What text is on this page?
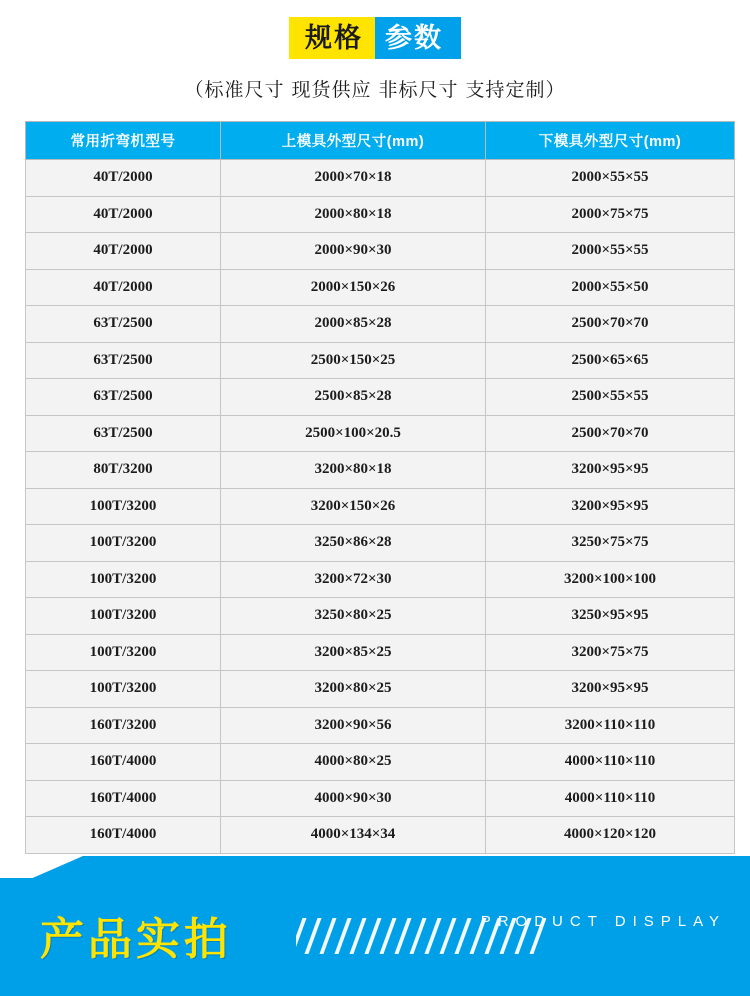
规格 参数
（标准尺寸 现货供应 非标尺寸 支持定制）
常用折弯机型号	上模具外型尺寸(mm)	下模具外型尺寸(mm)
40T/2000	2000×70×18	2000×55×55
40T/2000	2000×80×18	2000×75×75
40T/2000	2000×90×30	2000×55×55
40T/2000	2000×150×26	2000×55×50
63T/2500	2000×85×28	2500×70×70
63T/2500	2500×150×25	2500×65×65
63T/2500	2500×85×28	2500×55×55
63T/2500	2500×100×20.5	2500×70×70
80T/3200	3200×80×18	3200×95×95
100T/3200	3200×150×26	3200×95×95
100T/3200	3250×86×28	3250×75×75
100T/3200	3200×72×30	3200×100×100
100T/3200	3250×80×25	3250×95×95
100T/3200	3200×85×25	3200×75×75
100T/3200	3200×80×25	3200×95×95
160T/3200	3200×90×56	3200×110×110
160T/4000	4000×80×25	4000×110×110
160T/4000	4000×90×30	4000×110×110
160T/4000	4000×134×34	4000×120×120
产品实拍	PRODUCT DISPLAY
